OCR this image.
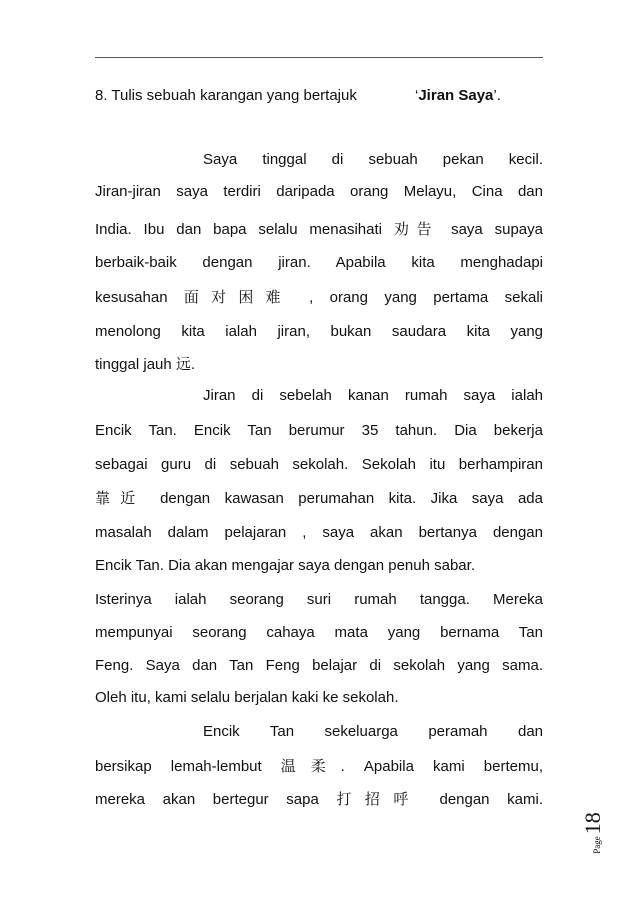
8. Tulis sebuah karangan yang bertajuk	‘Jiran Saya’.
Saya tinggal di sebuah pekan kecil.
Jiran-jiran saya terdiri daripada orang Melayu, Cina dan
India. Ibu dan bapa selalu menasihati 劝告 saya supaya
berbaik-baik dengan jiran. Apabila kita menghadapi
kesusahan 面对困难 , orang yang pertama sekali
menolong kita ialah jiran, bukan saudara kita yang
tinggal jauh 远.
Jiran di sebelah kanan rumah saya ialah
Encik Tan. Encik Tan berumur 35 tahun. Dia bekerja
sebagai guru di sebuah sekolah. Sekolah itu berhampiran
靠近 dengan kawasan perumahan kita. Jika saya ada
masalah dalam pelajaran , saya akan bertanya dengan
Encik Tan. Dia akan mengajar saya dengan penuh sabar.
Isterinya ialah seorang suri rumah tangga. Mereka
mempunyai seorang cahaya mata yang bernama Tan
Feng. Saya dan Tan Feng belajar di sekolah yang sama.
Oleh itu, kami selalu berjalan kaki ke sekolah.
Encik Tan sekeluarga peramah dan
bersikap lemah-lembut 温柔. Apabila kami bertemu,
mereka akan bertegur sapa 打招呼 dengan kami.
Page18
